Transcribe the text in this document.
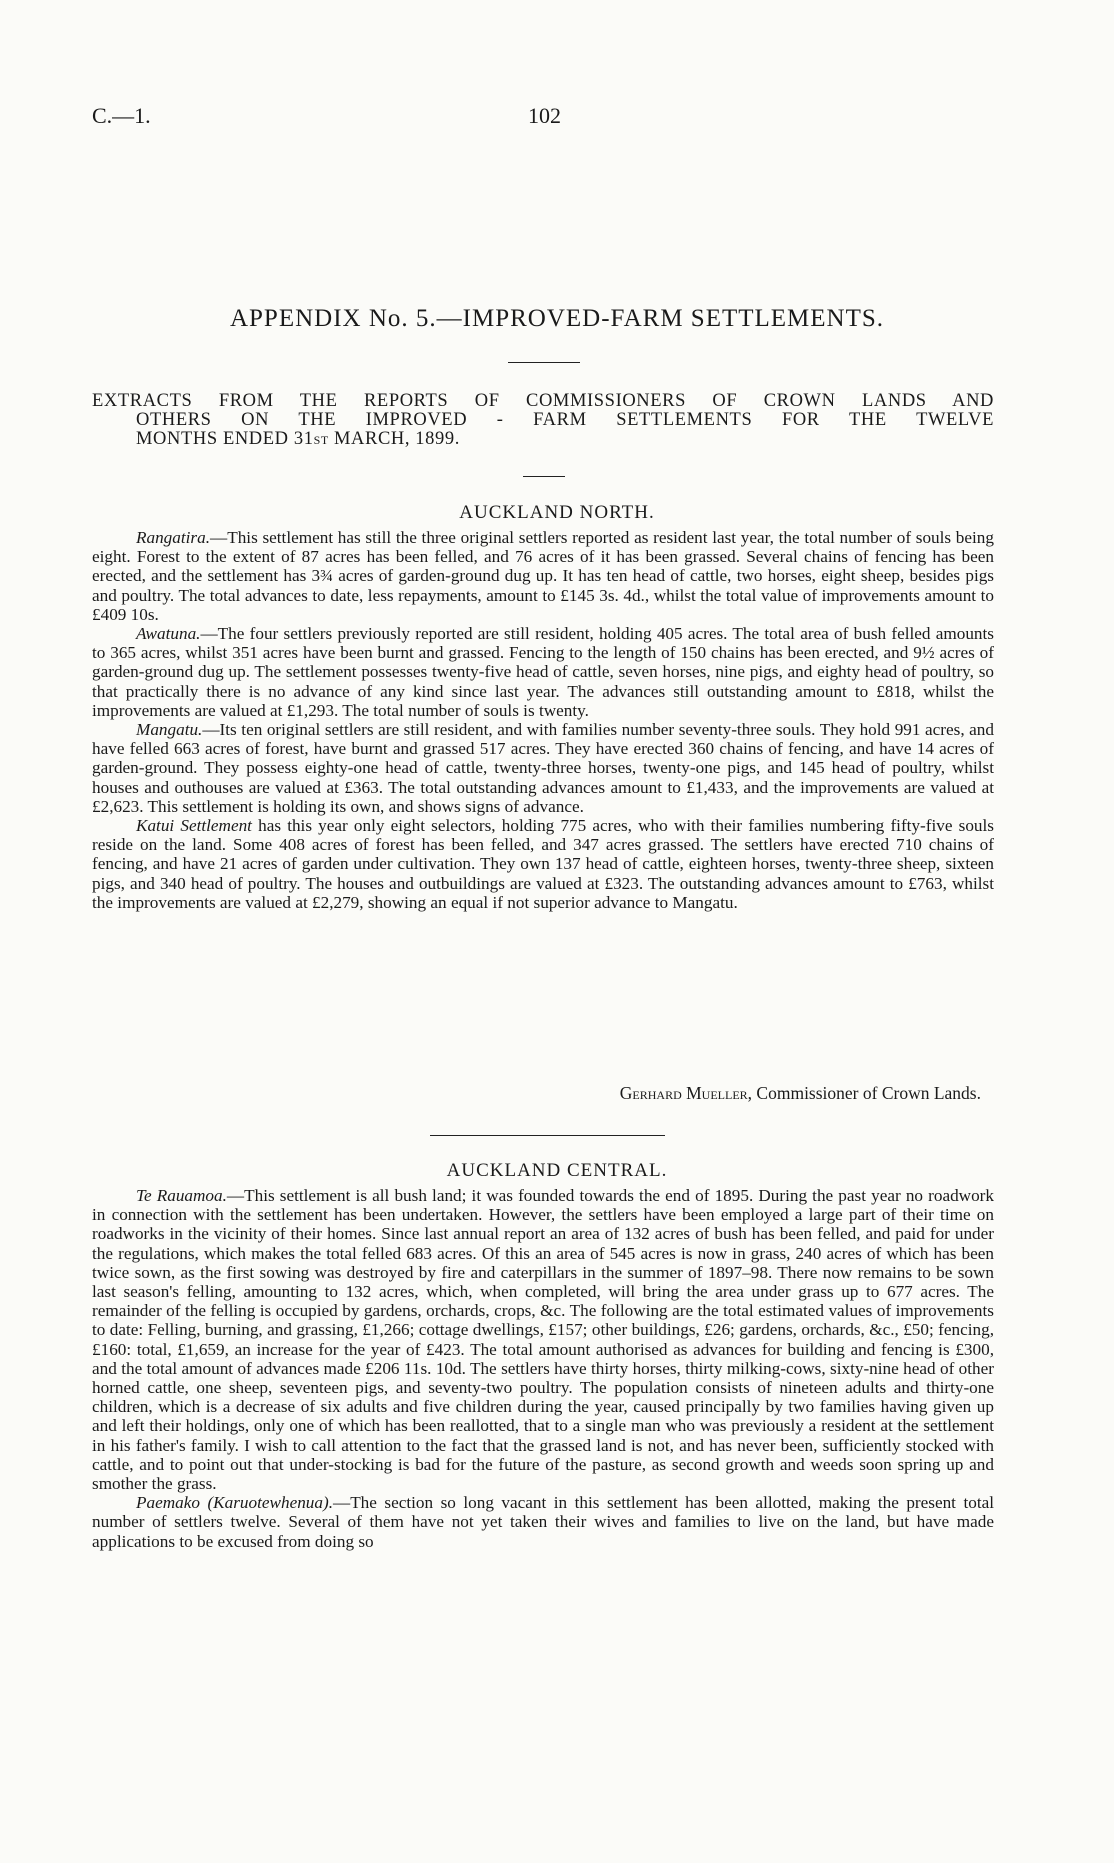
C.—1.	102
APPENDIX No. 5.—IMPROVED-FARM SETTLEMENTS.
EXTRACTS FROM THE REPORTS OF COMMISSIONERS OF CROWN LANDS AND
OTHERS ON THE IMPROVED - FARM SETTLEMENTS FOR THE TWELVE
MONTHS ENDED 31ST MARCH, 1899.
AUCKLAND NORTH.

Rangatira.—This settlement has still the three original settlers reported as resident last year, the total number of souls being eight. Forest to the extent of 87 acres has been felled, and 76 acres of it has been grassed. Several chains of fencing has been erected, and the settlement has 3¾ acres of garden-ground dug up. It has ten head of cattle, two horses, eight sheep, besides pigs and poultry. The total advances to date, less repayments, amount to £145 3s. 4d., whilst the total value of improvements amount to £409 10s.

Awatuna.—The four settlers previously reported are still resident, holding 405 acres. The total area of bush felled amounts to 365 acres, whilst 351 acres have been burnt and grassed. Fencing to the length of 150 chains has been erected, and 9½ acres of garden-ground dug up. The settlement possesses twenty-five head of cattle, seven horses, nine pigs, and eighty head of poultry, so that practically there is no advance of any kind since last year. The advances still outstanding amount to £818, whilst the improvements are valued at £1,293. The total number of souls is twenty.

Mangatu.—Its ten original settlers are still resident, and with families number seventy-three souls. They hold 991 acres, and have felled 663 acres of forest, have burnt and grassed 517 acres. They have erected 360 chains of fencing, and have 14 acres of garden-ground. They possess eighty-one head of cattle, twenty-three horses, twenty-one pigs, and 145 head of poultry, whilst houses and outhouses are valued at £363. The total outstanding advances amount to £1,433, and the improvements are valued at £2,623. This settlement is holding its own, and shows signs of advance.

Katui Settlement has this year only eight selectors, holding 775 acres, who with their families numbering fifty-five souls reside on the land. Some 408 acres of forest has been felled, and 347 acres grassed. The settlers have erected 710 chains of fencing, and have 21 acres of garden under cultivation. They own 137 head of cattle, eighteen horses, twenty-three sheep, sixteen pigs, and 340 head of poultry. The houses and outbuildings are valued at £323. The outstanding advances amount to £763, whilst the improvements are valued at £2,279, showing an equal if not superior advance to Mangatu.

Gerhard Mueller, Commissioner of Crown Lands.
AUCKLAND CENTRAL.

Te Rauamoa.—This settlement is all bush land; it was founded towards the end of 1895. During the past year no roadwork in connection with the settlement has been undertaken. However, the settlers have been employed a large part of their time on roadworks in the vicinity of their homes. Since last annual report an area of 132 acres of bush has been felled, and paid for under the regulations, which makes the total felled 683 acres. Of this an area of 545 acres is now in grass, 240 acres of which has been twice sown, as the first sowing was destroyed by fire and caterpillars in the summer of 1897–98. There now remains to be sown last season's felling, amounting to 132 acres, which, when completed, will bring the area under grass up to 677 acres. The remainder of the felling is occupied by gardens, orchards, crops, &c. The following are the total estimated values of improvements to date: Felling, burning, and grassing, £1,266; cottage dwellings, £157; other buildings, £26; gardens, orchards, &c., £50; fencing, £160: total, £1,659, an increase for the year of £423. The total amount authorised as advances for building and fencing is £300, and the total amount of advances made £206 11s. 10d. The settlers have thirty horses, thirty milking-cows, sixty-nine head of other horned cattle, one sheep, seventeen pigs, and seventy-two poultry. The population consists of nineteen adults and thirty-one children, which is a decrease of six adults and five children during the year, caused principally by two families having given up and left their holdings, only one of which has been reallotted, that to a single man who was previously a resident at the settlement in his father's family. I wish to call attention to the fact that the grassed land is not, and has never been, sufficiently stocked with cattle, and to point out that under-stocking is bad for the future of the pasture, as second growth and weeds soon spring up and smother the grass.

Paemako (Karuotewhenua).—The section so long vacant in this settlement has been allotted, making the present total number of settlers twelve. Several of them have not yet taken their wives and families to live on the land, but have made applications to be excused from doing so
